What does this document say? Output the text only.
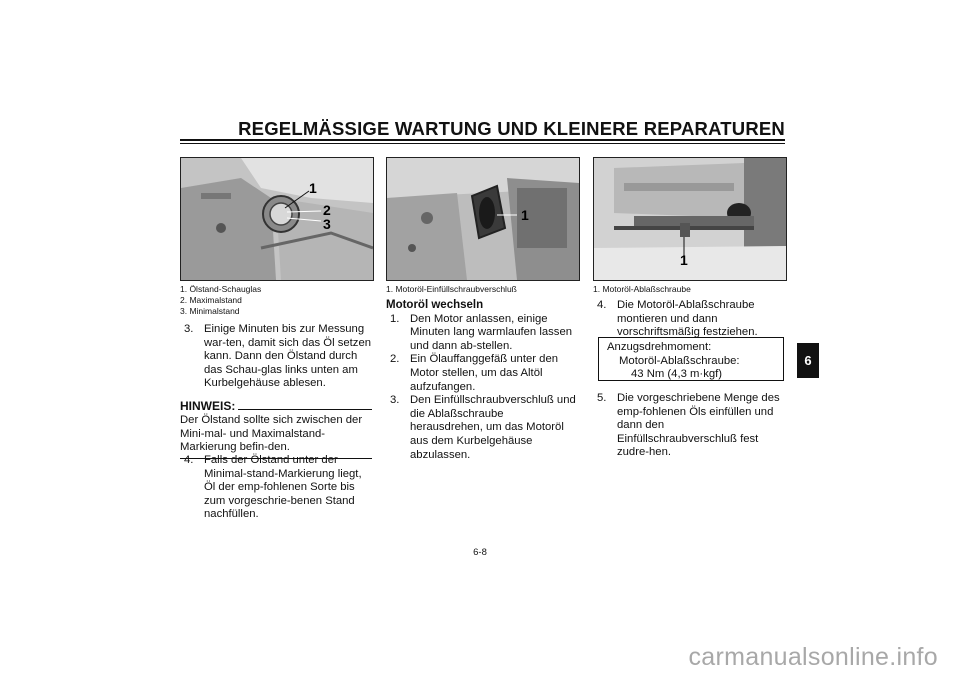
REGELMÄSSIGE WARTUNG UND KLEINERE REPARATUREN
1
2
3
1
1
1. Ölstand-Schauglas
2. Maximalstand
3. Minimalstand
1. Motoröl-Einfüllschraubverschluß	1. Motoröl-Ablaßschraube
3. Einige Minuten bis zur Messung war-ten, damit sich das Öl setzen kann. Dann den Ölstand durch das Schau-glas links unten am Kurbelgehäuse ablesen.
HINWEIS:
Der Ölstand sollte sich zwischen der Mini-mal- und Maximalstand-Markierung befin-den.
4. Falls der Ölstand unter der Minimal-stand-Markierung liegt, Öl der emp-fohlenen Sorte bis zum vorgeschrie-benen Stand nachfüllen.
Motoröl wechseln
1. Den Motor anlassen, einige Minuten lang warmlaufen lassen und dann ab-stellen.
2. Ein Ölauffanggefäß unter den Motor stellen, um das Altöl aufzufangen.
3. Den Einfüllschraubverschluß und die Ablaßschraube herausdrehen, um das Motoröl aus dem Kurbelgehäuse abzulassen.
4. Die Motoröl-Ablaßschraube montieren und dann vorschriftsmäßig festziehen.
Anzugsdrehmoment:
Motoröl-Ablaßschraube:
43 Nm (4,3 m·kgf)
5. Die vorgeschriebene Menge des emp-fohlenen Öls einfüllen und dann den Einfüllschraubverschluß fest zudre-hen.
6
6-8
carmanualsonline.info
